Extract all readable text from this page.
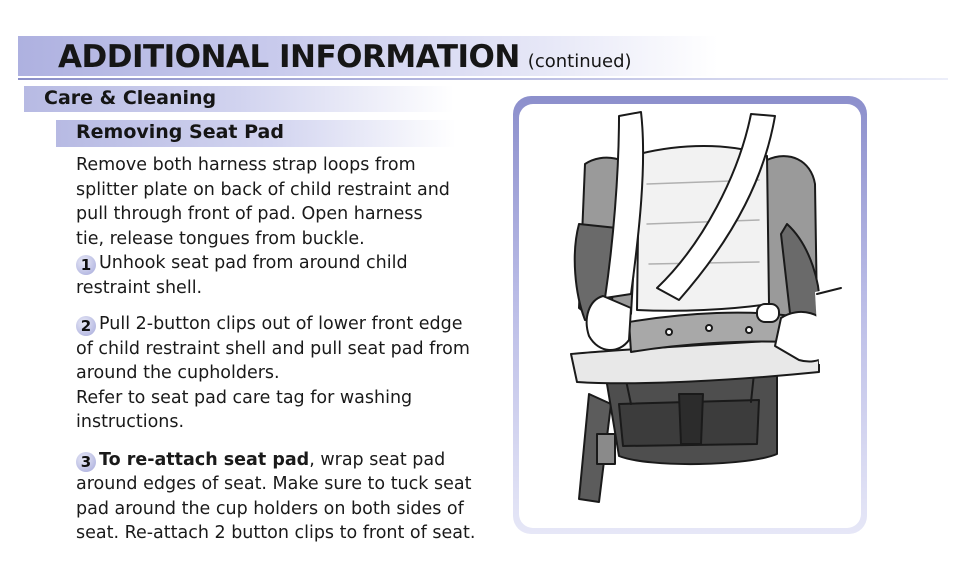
ADDITIONAL INFORMATION (continued)
Care & Cleaning
Removing Seat Pad

Remove both harness strap loops from

splitter plate on back of child restraint and

pull through front of pad. Open harness

tie, release tongues from buckle.

1 Unhook seat pad from around child

restraint shell.

2 Pull 2-button clips out of lower front edge

of child restraint shell and pull seat pad from

around the cupholders.

Refer to seat pad care tag for washing

instructions.

3 To re-attach seat pad, wrap seat pad

around edges of seat. Make sure to tuck seat

pad around the cup holders on both sides of

seat. Re-attach 2 button clips to front of seat.
